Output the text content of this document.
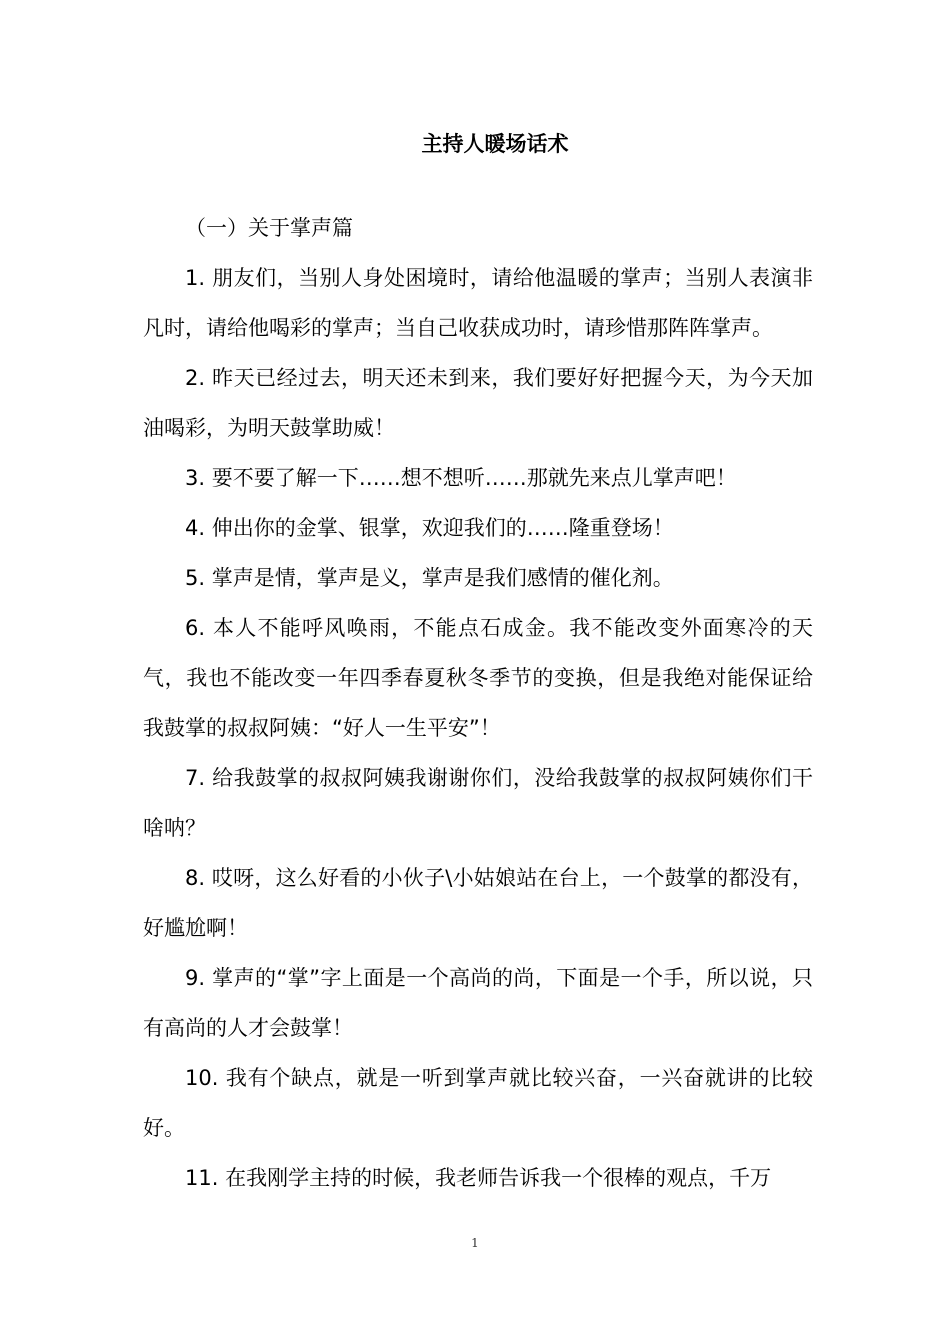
主持人暖场话术

（一）关于掌声篇

1. 朋友们，当别人身处困境时，请给他温暖的掌声；当别人表演非凡时，请给他喝彩的掌声；当自己收获成功时，请珍惜那阵阵掌声。

2. 昨天已经过去，明天还未到来，我们要好好把握今天，为今天加油喝彩，为明天鼓掌助威！

3. 要不要了解一下……想不想听……那就先来点儿掌声吧！

4. 伸出你的金掌、银掌，欢迎我们的……隆重登场！

5. 掌声是情，掌声是义，掌声是我们感情的催化剂。

6. 本人不能呼风唤雨，不能点石成金。我不能改变外面寒冷的天气，我也不能改变一年四季春夏秋冬季节的变换，但是我绝对能保证给我鼓掌的叔叔阿姨：“好人一生平安”！

7. 给我鼓掌的叔叔阿姨我谢谢你们，没给我鼓掌的叔叔阿姨你们干啥呐？

8. 哎呀，这么好看的小伙子\小姑娘站在台上，一个鼓掌的都没有，好尴尬啊！

9. 掌声的“掌”字上面是一个高尚的尚，下面是一个手，所以说，只有高尚的人才会鼓掌！

10. 我有个缺点，就是一听到掌声就比较兴奋，一兴奋就讲的比较好。

11. 在我刚学主持的时候，我老师告诉我一个很棒的观点，千万

1
